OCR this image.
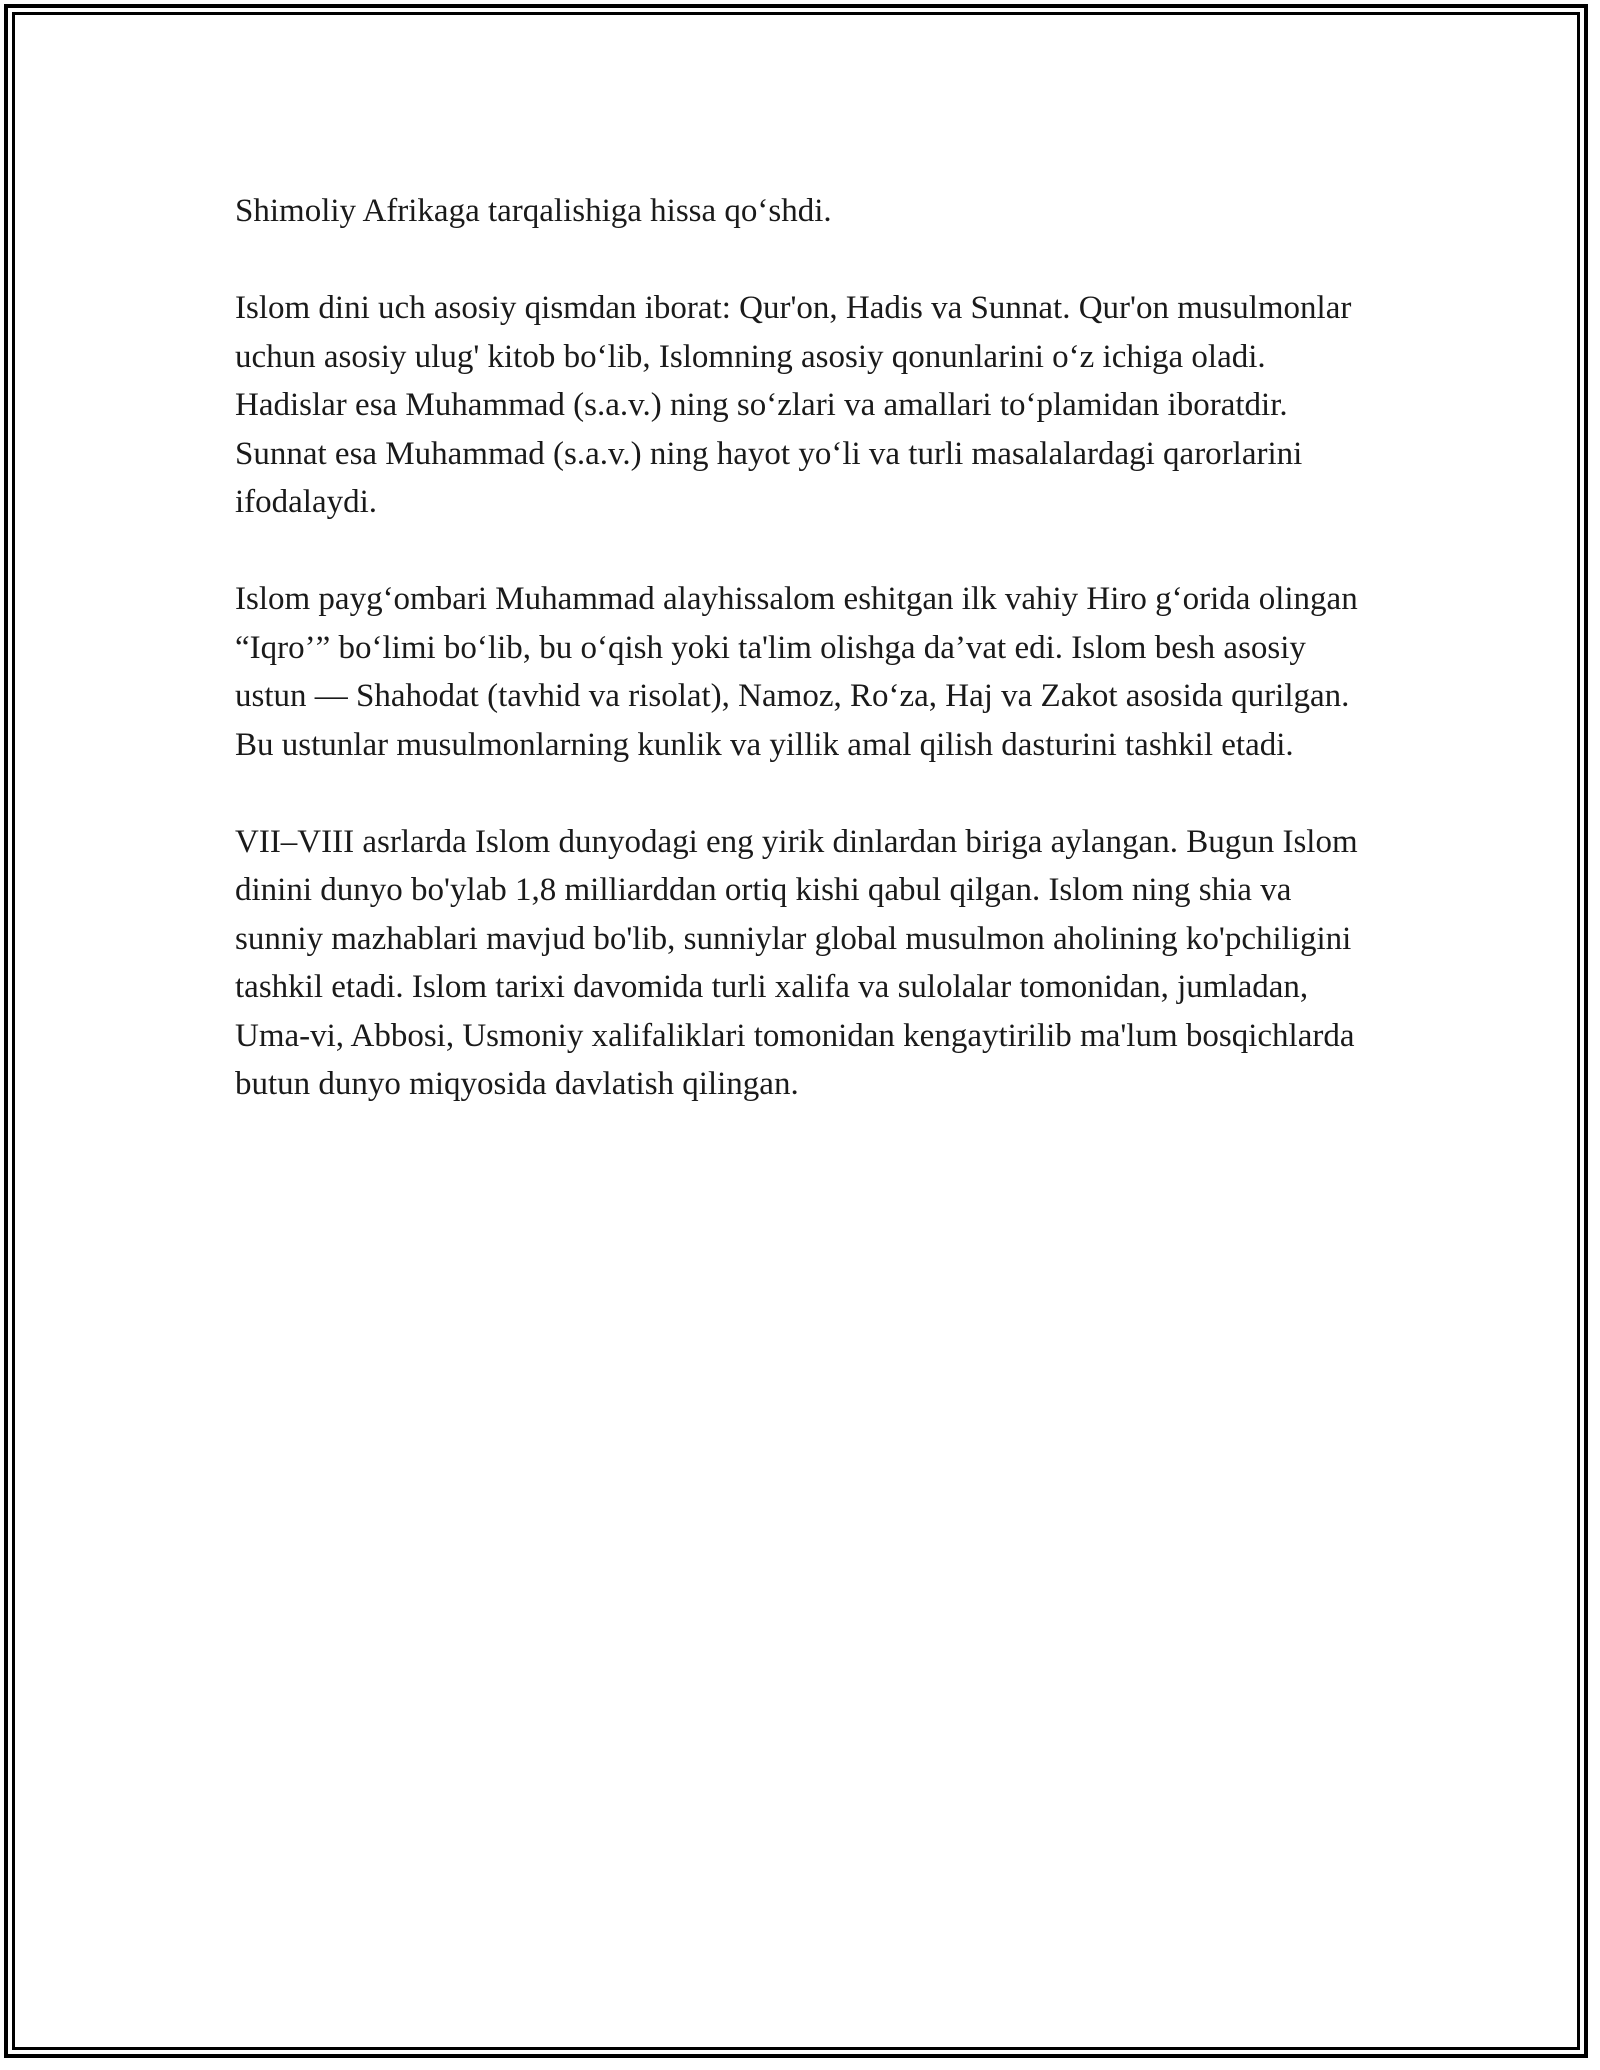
Shimoliy Afrikaga tarqalishiga hissa qo‘shdi.

Islom dini uch asosiy qismdan iborat: Qur'on, Hadis va Sunnat. Qur'on musulmonlar uchun asosiy ulug' kitob bo‘lib, Islomning asosiy qonunlarini o‘z ichiga oladi. Hadislar esa Muhammad (s.a.v.) ning so‘zlari va amallari to‘plamidan iboratdir. Sunnat esa Muhammad (s.a.v.) ning hayot yo‘li va turli masalalardagi qarorlarini ifodalaydi.

Islom payg‘ombari Muhammad alayhissalom eshitgan ilk vahiy Hiro g‘orida olingan “Iqro’” bo‘limi bo‘lib, bu o‘qish yoki ta'lim olishga da’vat edi. Islom besh asosiy ustun — Shahodat (tavhid va risolat), Namoz, Ro‘za, Haj va Zakot asosida qurilgan. Bu ustunlar musulmonlarning kunlik va yillik amal qilish dasturini tashkil etadi.

VII–VIII asrlarda Islom dunyodagi eng yirik dinlardan biriga aylangan. Bugun Islom dinini dunyo bo'ylab 1,8 milliarddan ortiq kishi qabul qilgan. Islom ning shia va sunniy mazhablari mavjud bo'lib, sunniylar global musulmon aholining ko'pchiligini tashkil etadi. Islom tarixi davomida turli xalifa va sulolalar tomonidan, jumladan, Uma-vi, Abbosi, Usmoniy xalifaliklari tomonidan kengaytirilib ma'lum bosqichlarda butun dunyo miqyosida davlatish qilingan.
